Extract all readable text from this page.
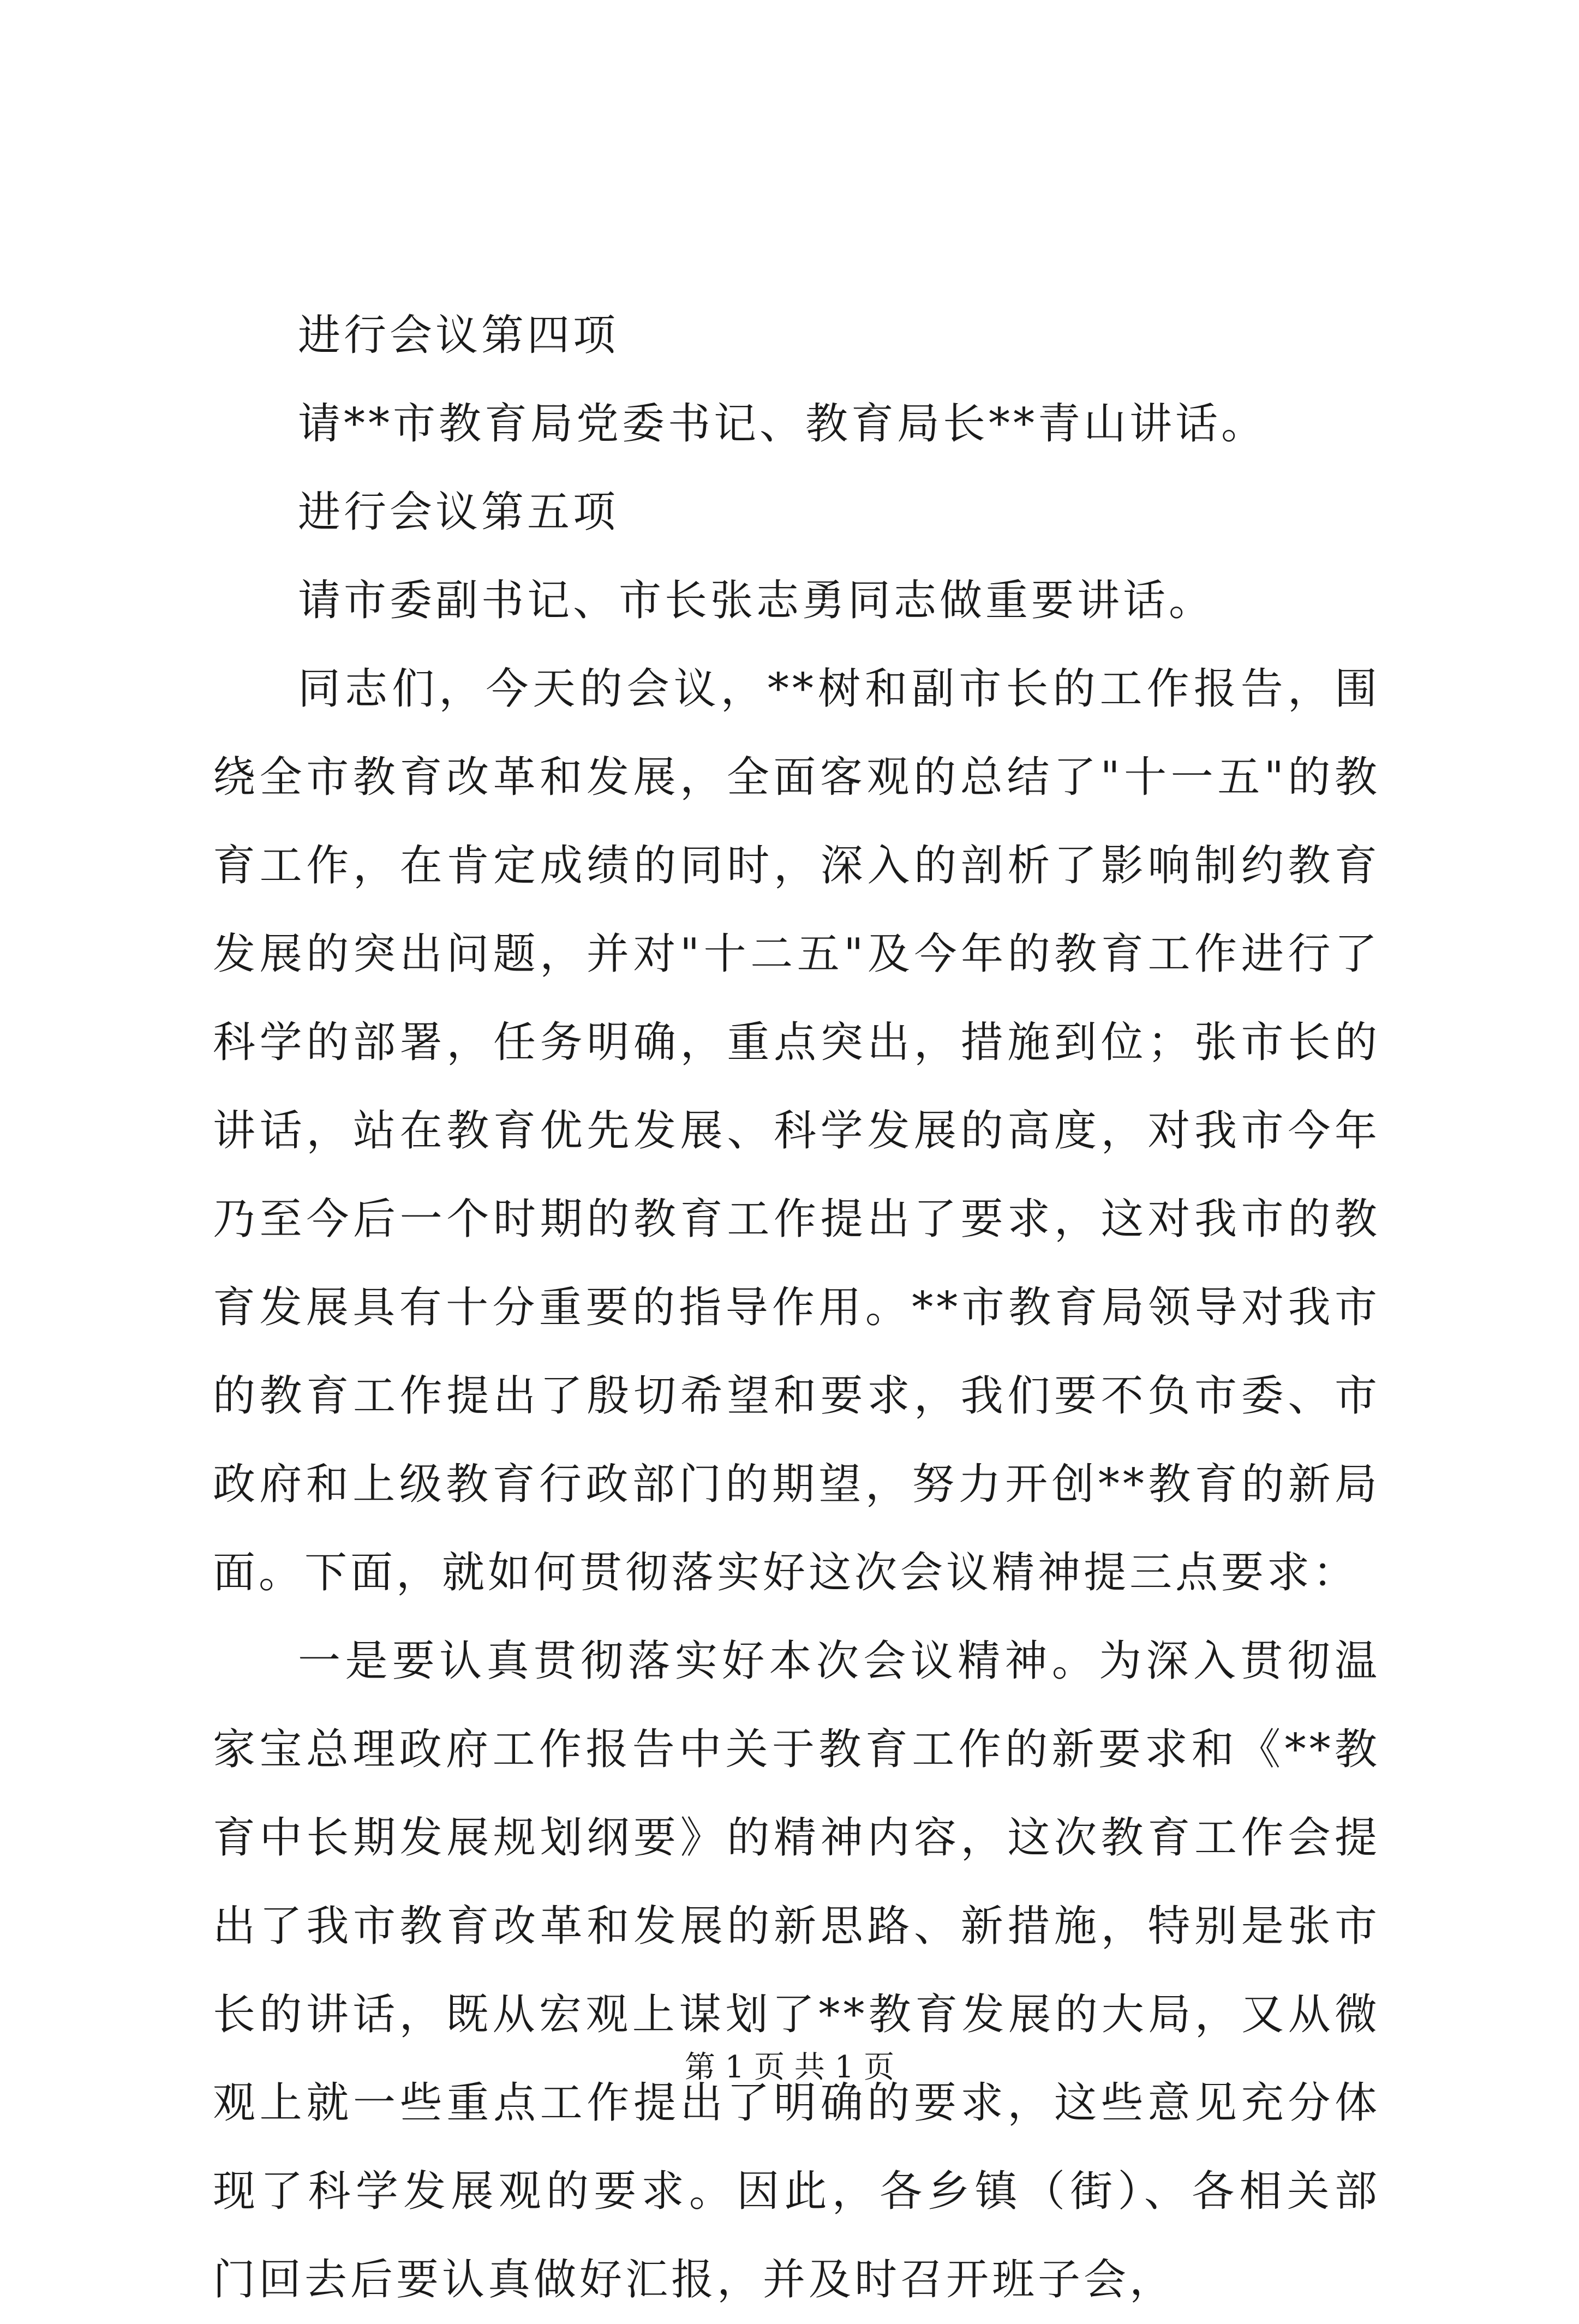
进行会议第四项

请**市教育局党委书记、教育局长**青山讲话。

进行会议第五项

请市委副书记、市长张志勇同志做重要讲话。

同志们，今天的会议，**树和副市长的工作报告，围绕全市教育改革和发展，全面客观的总结了"十一五"的教育工作，在肯定成绩的同时，深入的剖析了影响制约教育发展的突出问题，并对"十二五"及今年的教育工作进行了科学的部署，任务明确，重点突出，措施到位；张市长的讲话，站在教育优先发展、科学发展的高度，对我市今年乃至今后一个时期的教育工作提出了要求，这对我市的教育发展具有十分重要的指导作用。**市教育局领导对我市的教育工作提出了殷切希望和要求，我们要不负市委、市政府和上级教育行政部门的期望，努力开创**教育的新局面。下面，就如何贯彻落实好这次会议精神提三点要求：

一是要认真贯彻落实好本次会议精神。为深入贯彻温家宝总理政府工作报告中关于教育工作的新要求和《**教育中长期发展规划纲要》的精神内容，这次教育工作会提出了我市教育改革和发展的新思路、新措施，特别是张市长的讲话，既从宏观上谋划了**教育发展的大局，又从微观上就一些重点工作提出了明确的要求，这些意见充分体现了科学发展观的要求。因此，各乡镇（街）、各相关部门回去后要认真做好汇报，并及时召开班子会，

第 1 页 共 1 页
